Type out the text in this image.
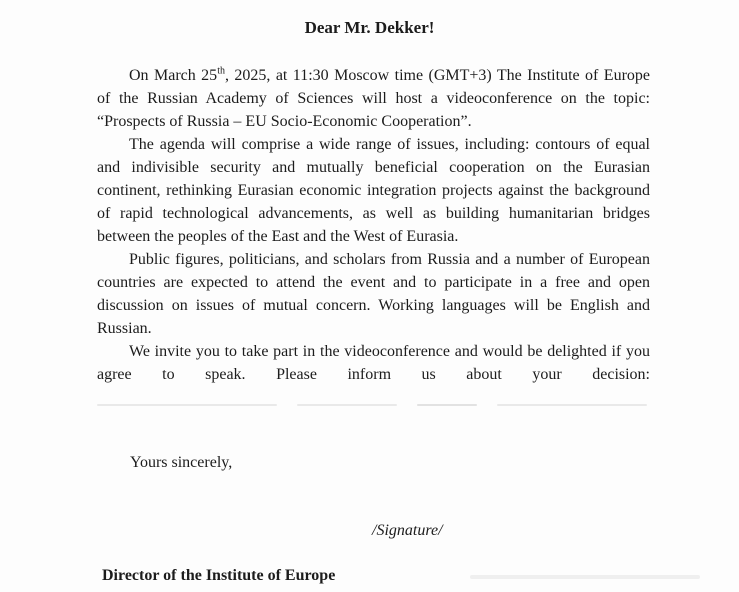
Dear Mr. Dekker!

On March 25th, 2025, at 11:30 Moscow time (GMT+3) The Institute of Europe of the Russian Academy of Sciences will host a videoconference on the topic: “Prospects of Russia – EU Socio-Economic Cooperation”.

The agenda will comprise a wide range of issues, including: contours of equal and indivisible security and mutually beneficial cooperation on the Eurasian continent, rethinking Eurasian economic integration projects against the background of rapid technological advancements, as well as building humanitarian bridges between the peoples of the East and the West of Eurasia.

Public figures, politicians, and scholars from Russia and a number of European countries are expected to attend the event and to participate in a free and open discussion on issues of mutual concern. Working languages will be English and Russian.

We invite you to take part in the videoconference and would be delighted if you agree to speak. Please inform us about your decision:

Yours sincerely,
/Signature/
Director of the Institute of Europe
